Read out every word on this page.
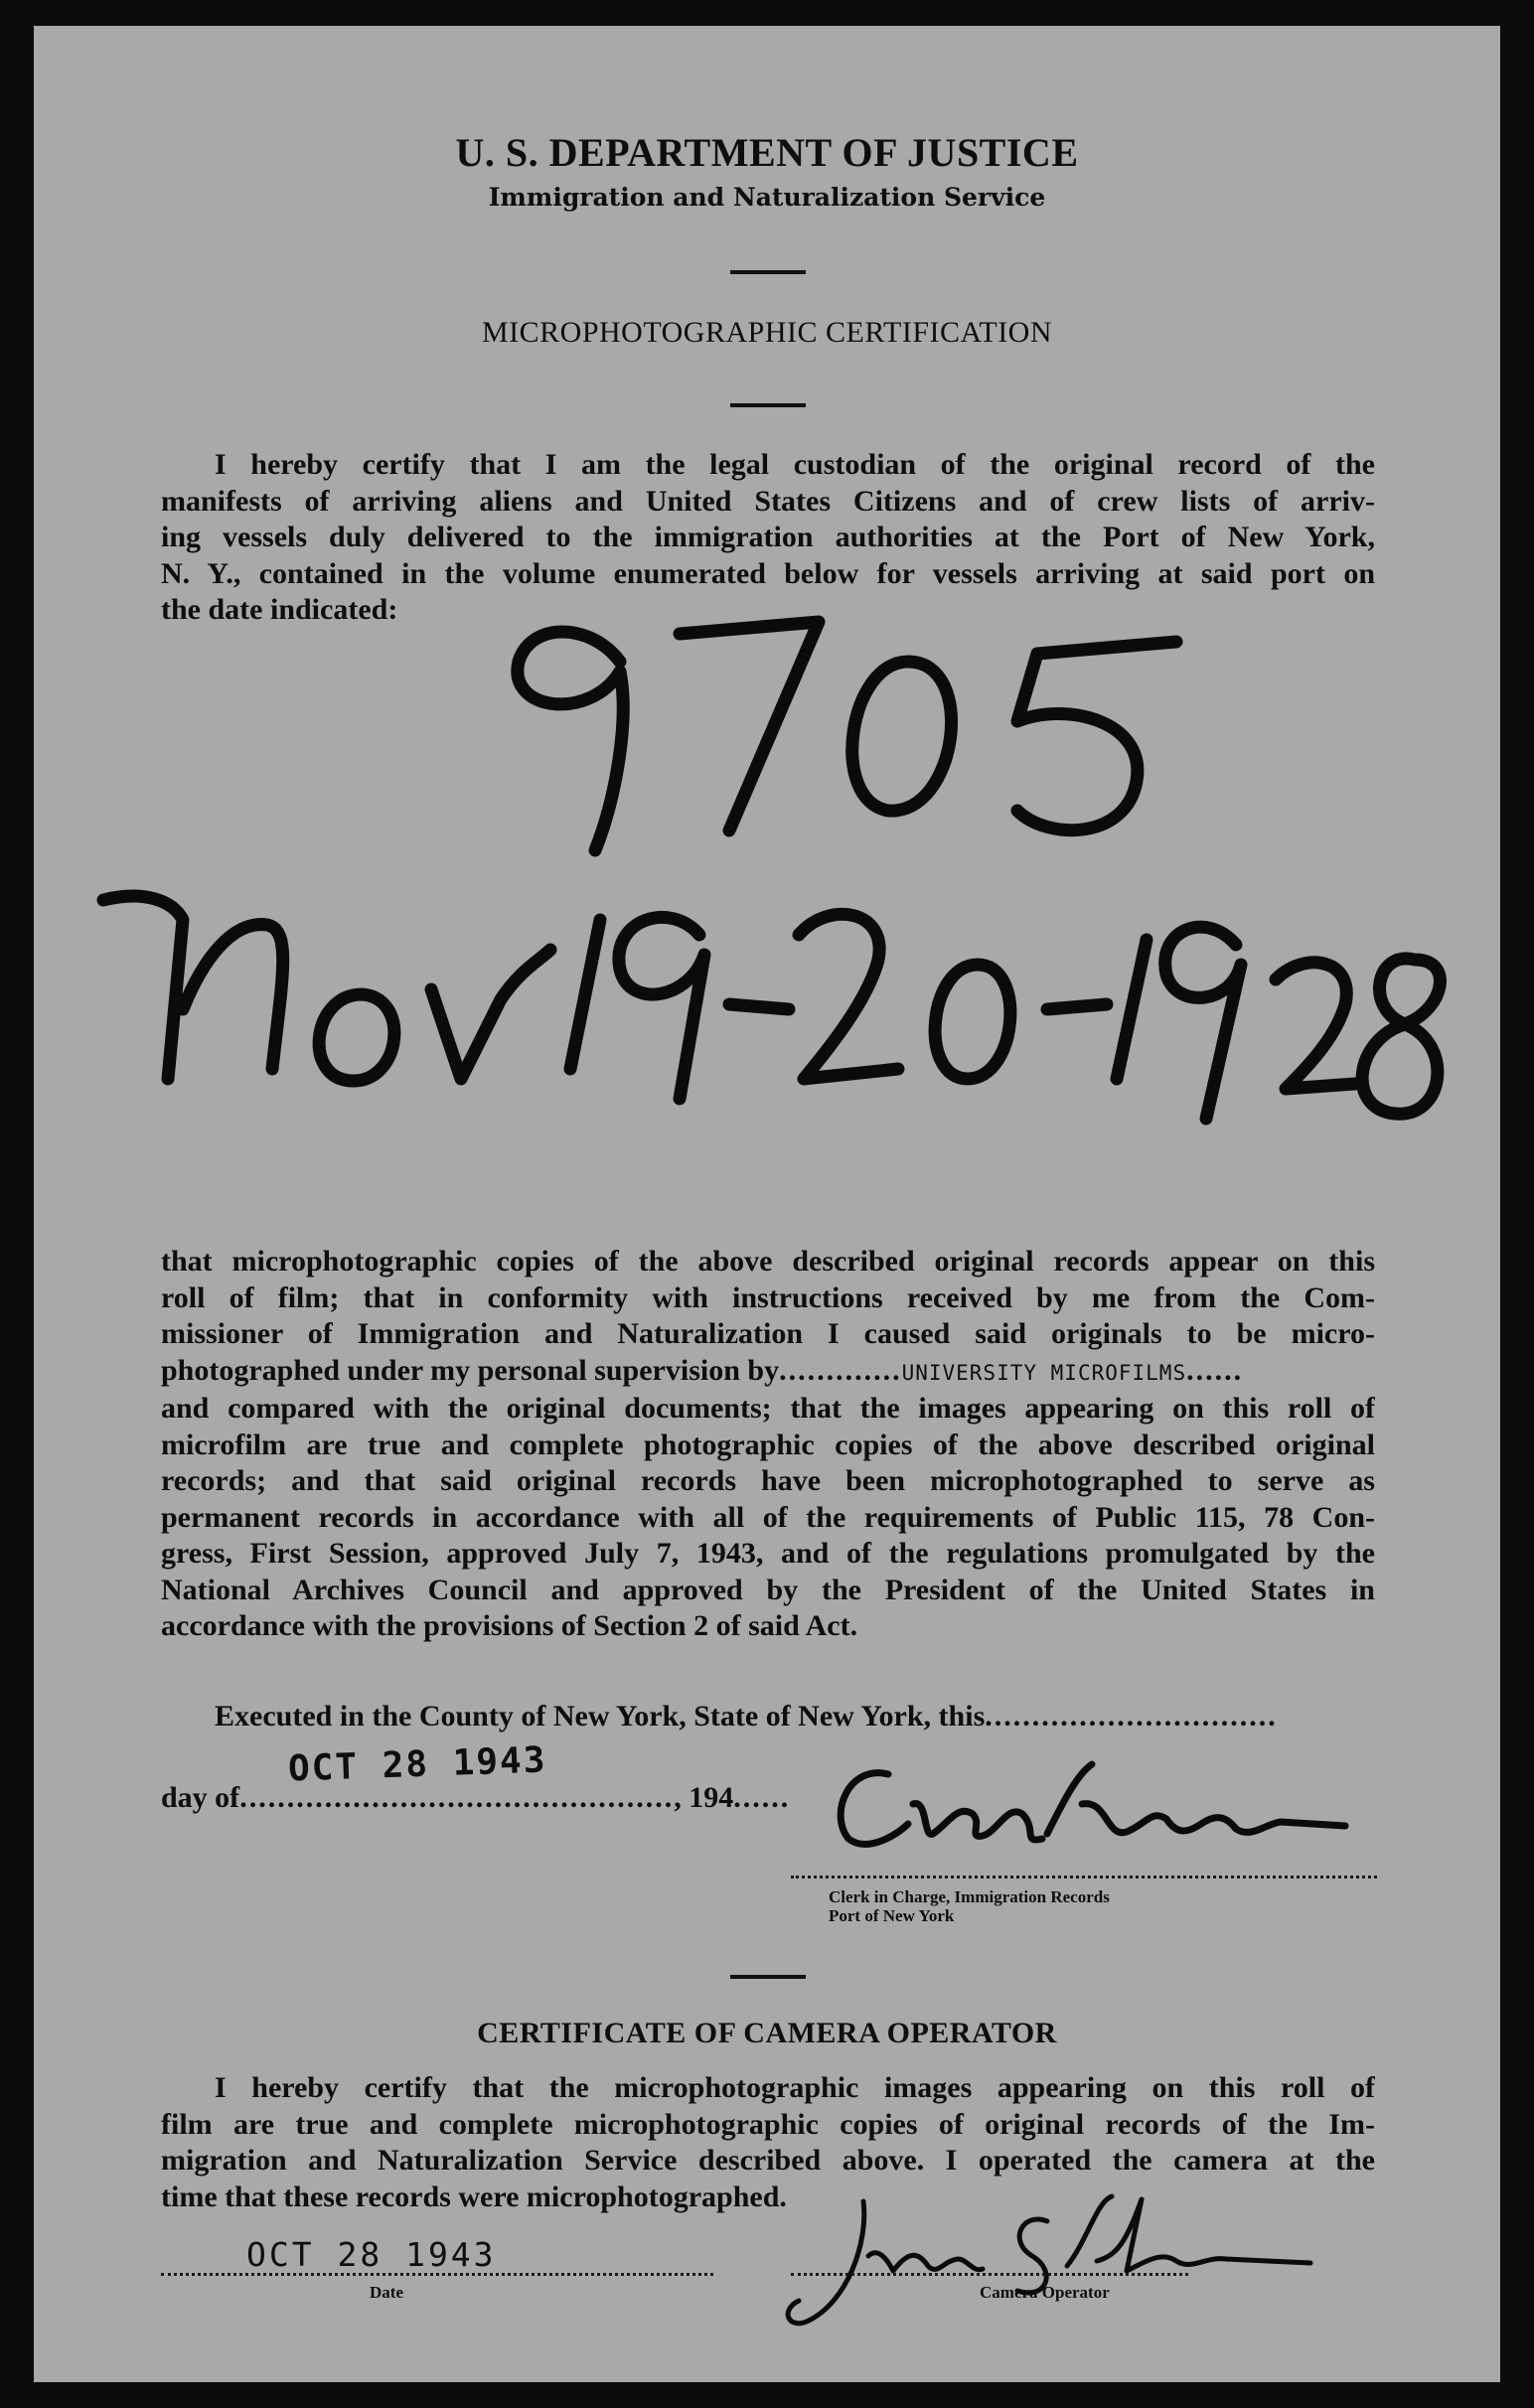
U. S. DEPARTMENT OF JUSTICE
Immigration and Naturalization Service
MICROPHOTOGRAPHIC CERTIFICATION
I hereby certify that I am the legal custodian of the original record of the
manifests of arriving aliens and United States Citizens and of crew lists of arriv-
ing vessels duly delivered to the immigration authorities at the Port of New York,
N. Y., contained in the volume enumerated below for vessels arriving at said port on
the date indicated:
that microphotographic copies of the above described original records appear on this
roll of film; that in conformity with instructions received by me from the Com-
missioner of Immigration and Naturalization I caused said originals to be micro-
photographed under my personal supervision by.............UNIVERSITY MICROFILMS......
and compared with the original documents; that the images appearing on this roll of
microfilm are true and complete photographic copies of the above described original
records; and that said original records have been microphotographed to serve as
permanent records in accordance with all of the requirements of Public 115, 78 Con-
gress, First Session, approved July 7, 1943, and of the regulations promulgated by the
National Archives Council and approved by the President of the United States in
accordance with the provisions of Section 2 of said Act.
Executed in the County of New York, State of New York, this...............................
day of.............................................., 194......
OCT 28 1943
Clerk in Charge, Immigration Records
Port of New York
CERTIFICATE OF CAMERA OPERATOR
I hereby certify that the microphotographic images appearing on this roll of
film are true and complete microphotographic copies of original records of the Im-
migration and Naturalization Service described above. I operated the camera at the
time that these records were microphotographed.
OCT 28 1943
Date	Camera Operator
